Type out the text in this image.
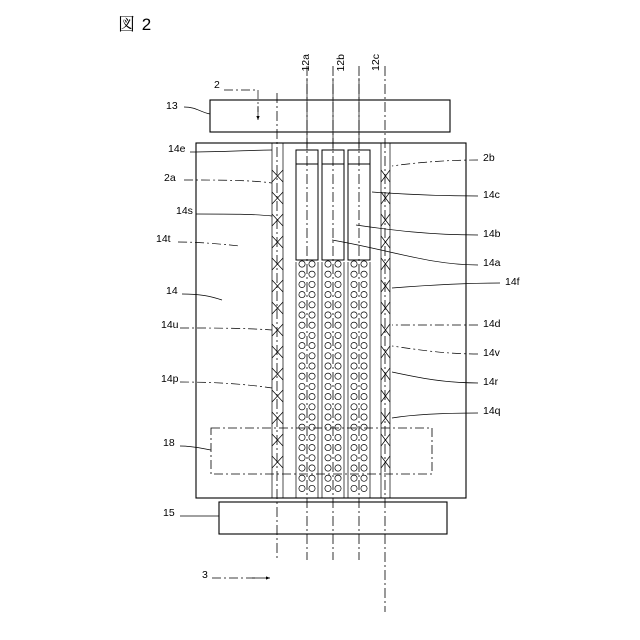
図 2
12a 12b 12c
2
13
14e
2b
2a
14c
14s
14t	14b
14a
14f
14
14d
14u
14v
14r
14p
14q
18
15
3
